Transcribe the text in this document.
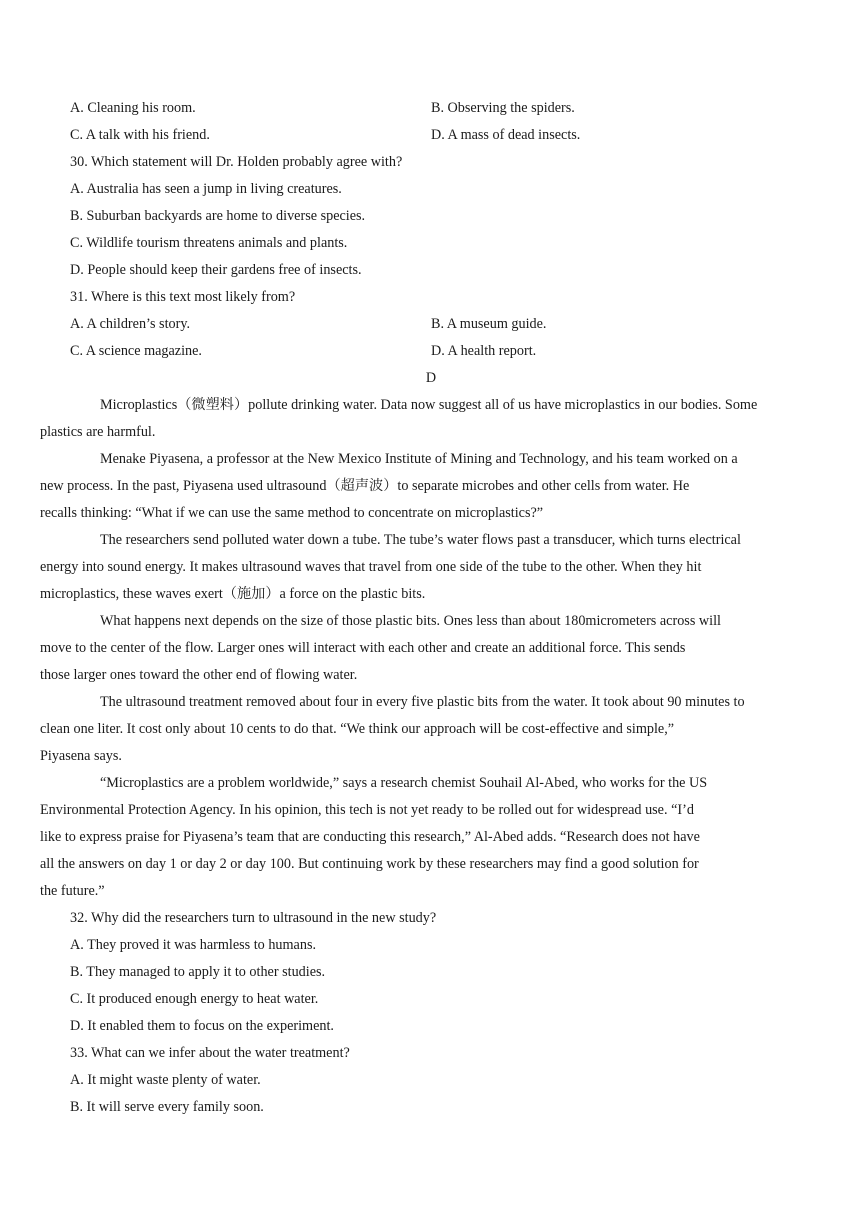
A. Cleaning his room.	B. Observing the spiders.
C. A talk with his friend.	D. A mass of dead insects.
30. Which statement will Dr. Holden probably agree with?
A. Australia has seen a jump in living creatures.
B. Suburban backyards are home to diverse species.
C. Wildlife tourism threatens animals and plants.
D. People should keep their gardens free of insects.
31. Where is this text most likely from?
A. A children’s story.	B. A museum guide.
C. A science magazine.	D. A health report.
D
Microplastics（微塑料）pollute drinking water. Data now suggest all of us have microplastics in our bodies. Some
plastics are harmful.
Menake Piyasena, a professor at the New Mexico Institute of Mining and Technology, and his team worked on a
new process. In the past, Piyasena used ultrasound（超声波）to separate microbes and other cells from water. He
recalls thinking: “What if we can use the same method to concentrate on microplastics?”
The researchers send polluted water down a tube. The tube’s water flows past a transducer, which turns electrical
energy into sound energy. It makes ultrasound waves that travel from one side of the tube to the other. When they hit
microplastics, these waves exert（施加）a force on the plastic bits.
What happens next depends on the size of those plastic bits. Ones less than about 180micrometers across will
move to the center of the flow. Larger ones will interact with each other and create an additional force. This sends
those larger ones toward the other end of flowing water.
The ultrasound treatment removed about four in every five plastic bits from the water. It took about 90 minutes to
clean one liter. It cost only about 10 cents to do that. “We think our approach will be cost-effective and simple,”
Piyasena says.
“Microplastics are a problem worldwide,” says a research chemist Souhail Al-Abed, who works for the US
Environmental Protection Agency. In his opinion, this tech is not yet ready to be rolled out for widespread use. “I’d
like to express praise for Piyasena’s team that are conducting this research,” Al-Abed adds. “Research does not have
all the answers on day 1 or day 2 or day 100. But continuing work by these researchers may find a good solution for
the future.”
32. Why did the researchers turn to ultrasound in the new study?
A. They proved it was harmless to humans.
B. They managed to apply it to other studies.
C. It produced enough energy to heat water.
D. It enabled them to focus on the experiment.
33. What can we infer about the water treatment?
A. It might waste plenty of water.
B. It will serve every family soon.
